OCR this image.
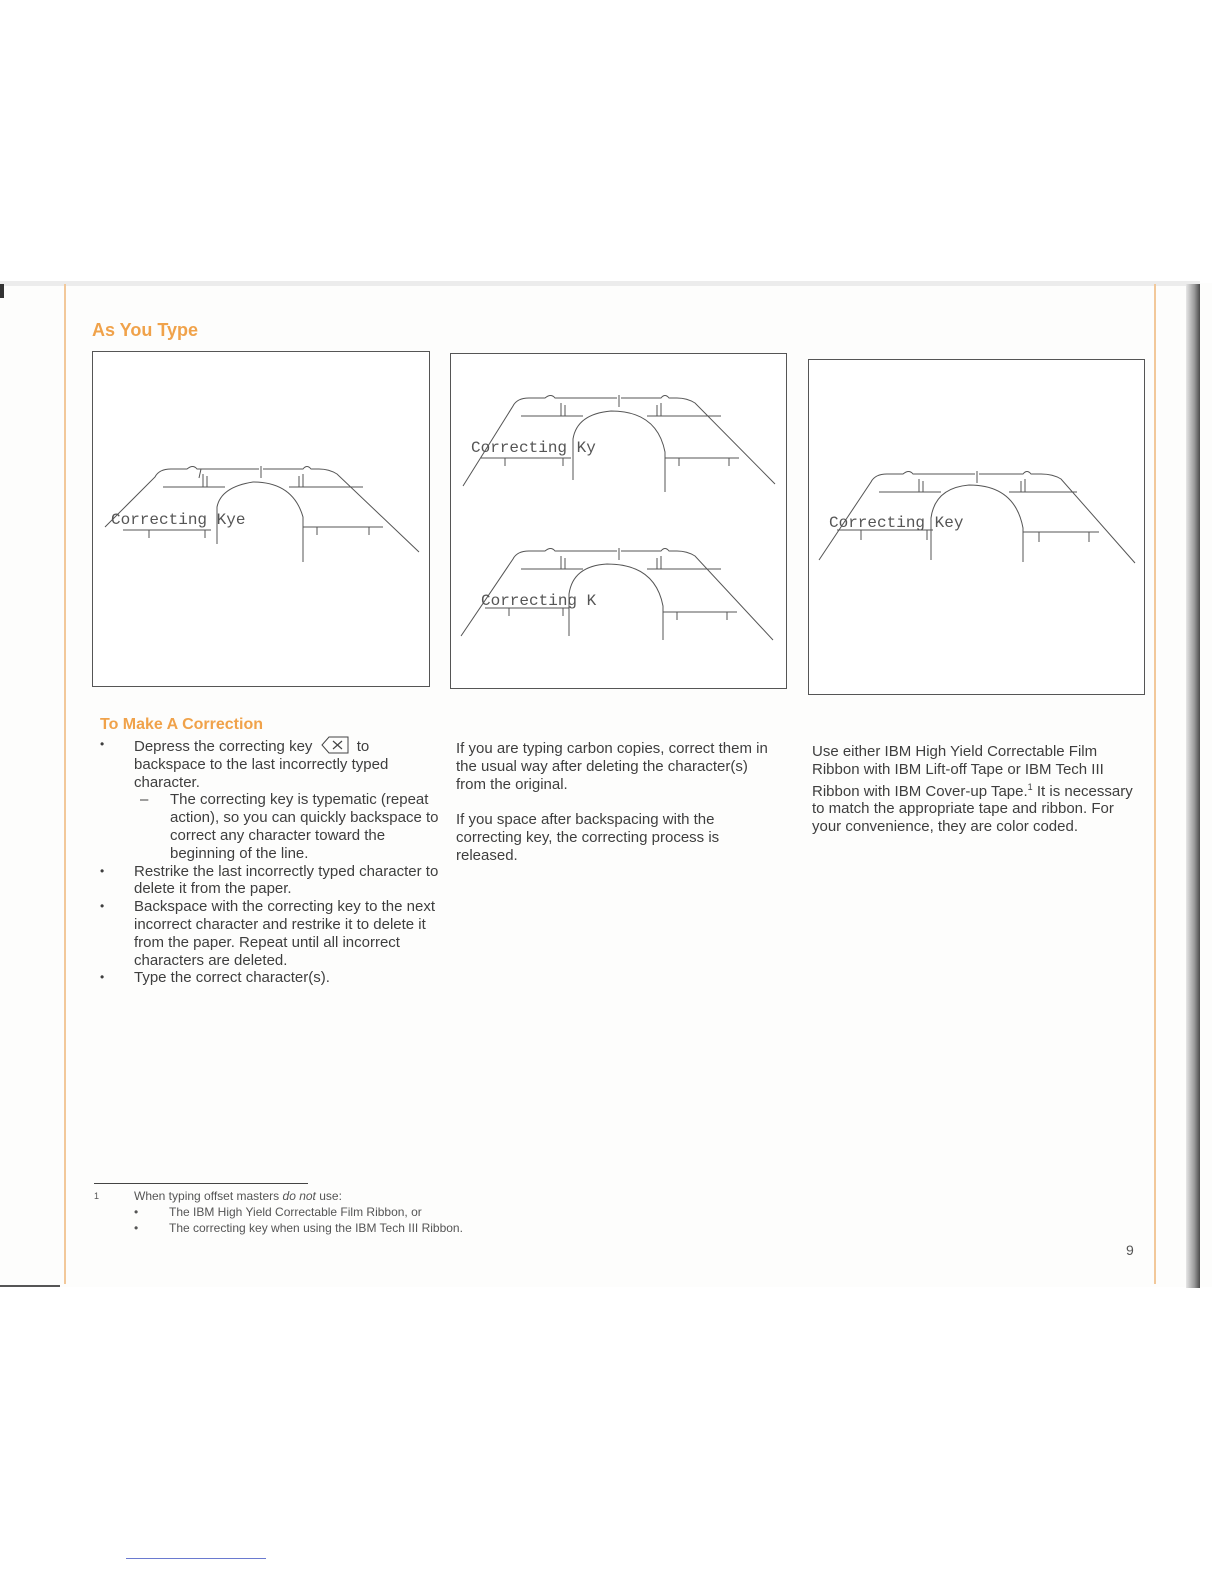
As You Type
Correcting Kye
Correcting Ky
Correcting K
Correcting Key
To Make A Correction
• Depress the correcting key	to backspace to the last incorrectly typed character.
– The correcting key is typematic (repeat action), so you can quickly backspace to correct any character toward the beginning of the line.
• Restrike the last incorrectly typed character to delete it from the paper.
• Backspace with the correcting key to the next incorrect character and restrike it to delete it from the paper. Repeat until all incorrect characters are deleted.
• Type the correct character(s).

If you are typing carbon copies, correct them in the usual way after deleting the character(s) from the original.

If you space after backspacing with the correcting key, the correcting process is released.

Use either IBM High Yield Correctable Film Ribbon with IBM Lift-off Tape or IBM Tech III Ribbon with IBM Cover-up Tape.$^1$ It is necessary to match the appropriate tape and ribbon. For your convenience, they are color coded.

1	When typing offset masters do not use:
• The IBM High Yield Correctable Film Ribbon, or
• The correcting key when using the IBM Tech III Ribbon.
9
